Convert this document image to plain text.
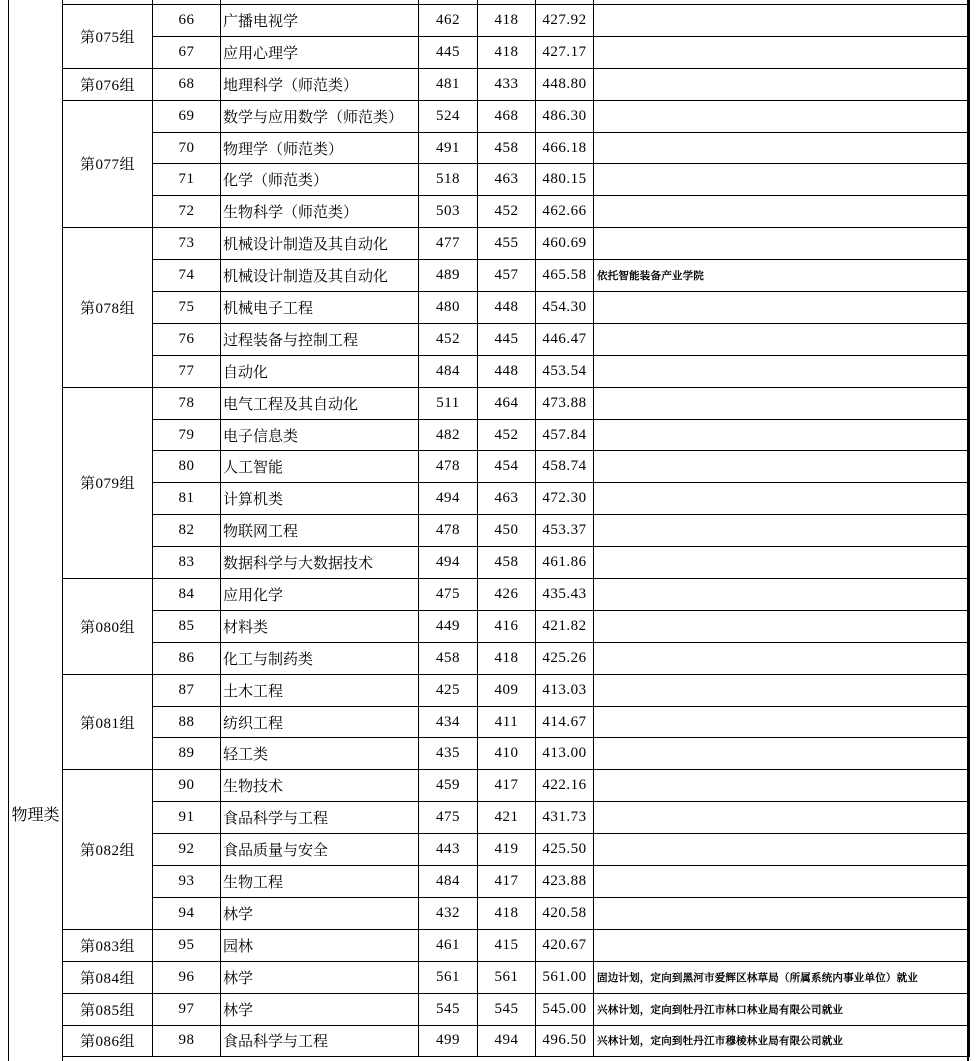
物理类

第075组	66	广播电视学	462	418	427.92	
	67	应用心理学	445	418	427.17	
第076组	68	地理科学（师范类）	481	433	448.80	
第077组	69	数学与应用数学（师范类）	524	468	486.30	
	70	物理学（师范类）	491	458	466.18	
	71	化学（师范类）	518	463	480.15	
	72	生物科学（师范类）	503	452	462.66	
第078组	73	机械设计制造及其自动化	477	455	460.69	
	74	机械设计制造及其自动化	489	457	465.58	依托智能装备产业学院
	75	机械电子工程	480	448	454.30	
	76	过程装备与控制工程	452	445	446.47	
	77	自动化	484	448	453.54	
第079组	78	电气工程及其自动化	511	464	473.88	
	79	电子信息类	482	452	457.84	
	80	人工智能	478	454	458.74	
	81	计算机类	494	463	472.30	
	82	物联网工程	478	450	453.37	
	83	数据科学与大数据技术	494	458	461.86	
第080组	84	应用化学	475	426	435.43	
	85	材料类	449	416	421.82	
	86	化工与制药类	458	418	425.26	
第081组	87	土木工程	425	409	413.03	
	88	纺织工程	434	411	414.67	
	89	轻工类	435	410	413.00	
第082组	90	生物技术	459	417	422.16	
	91	食品科学与工程	475	421	431.73	
	92	食品质量与安全	443	419	425.50	
	93	生物工程	484	417	423.88	
	94	林学	432	418	420.58	
第083组	95	园林	461	415	420.67	
第084组	96	林学	561	561	561.00	固边计划，定向到黑河市爱辉区林草局（所属系统内事业单位）就业
第085组	97	林学	545	545	545.00	兴林计划，定向到牡丹江市林口林业局有限公司就业
第086组	98	食品科学与工程	499	494	496.50	兴林计划，定向到牡丹江市穆棱林业局有限公司就业
